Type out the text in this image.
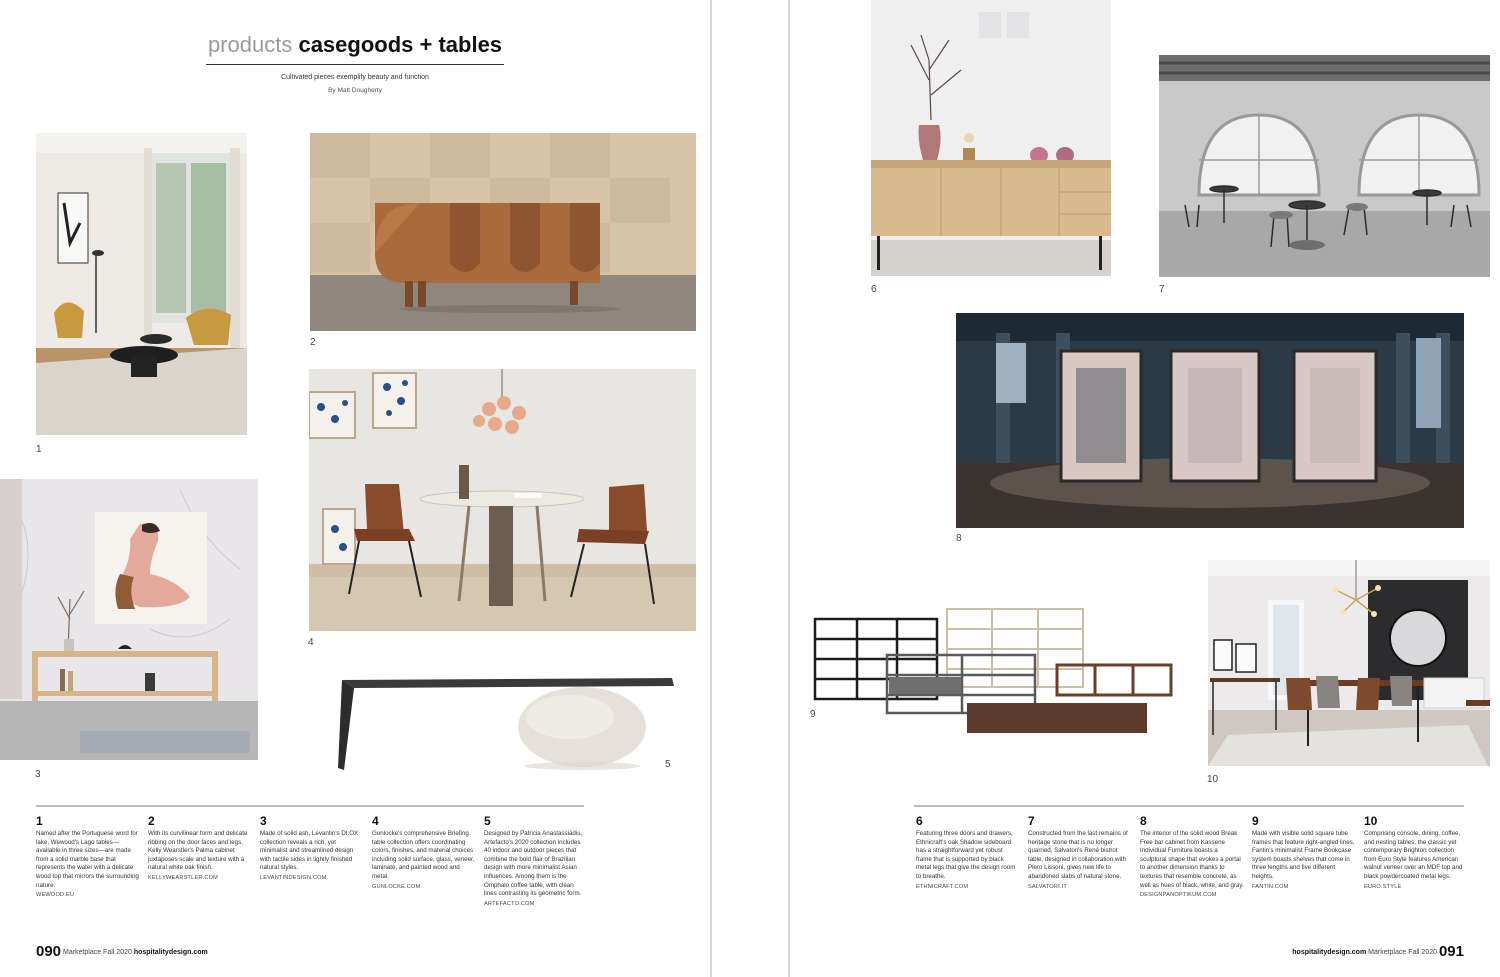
products casegoods + tables
Cultivated pieces exemplify beauty and function
By Matt Dougherty
1
2
3
4
5
1
Named after the Portuguese word for lake, Wewood's Lago tables—available in three sizes—are made from a solid marble base that represents the water with a delicate wood top that mirrors the surrounding nature.
WEWOOD.EU
2
With its curvilinear form and delicate ribbing on the door faces and legs, Kelly Wearstler's Palma cabinet juxtaposes scale and texture with a natural white oak finish.
KELLYWEARSTLER.COM
3
Made of solid ash, Levantin's DI:OX collection reveals a rich, yet minimalist and streamlined design with tactile sides in lightly finished natural styles.
LEVANTINDESIGN.COM
4
Gunlocke's comprehensive Briefing table collection offers coordinating colors, finishes, and material choices including solid surface, glass, veneer, laminate, and painted wood and metal.
GUNLOCKE.COM
5
Designed by Patricia Anastassiadis, Artefacto's 2020 collection includes 40 indoor and outdoor pieces that combine the bold flair of Brazilian design with more minimalist Asian influences. Among them is the Omphalo coffee table, with clean lines contrasting its geometric form.
ARTEFACTO.COM
090 Marketplace Fall 2020 hospitalitydesign.com
6	7
8
9
10
6
Featuring three doors and drawers, Ethnicraft's oak Shadow sideboard has a straightforward yet robust frame that is supported by black metal legs that give the design room to breathe.
ETHNICRAFT.COM
7
Constructed from the last remains of heritage stone that is no longer quarried, Salvatori's René bistrot table, designed in collaboration with Piero Lissoni, gives new life to abandoned slabs of natural stone.
SALVATORI.IT
8
The interior of the solid wood Break Free bar cabinet from Kassene Individual Furniture boasts a sculptural shape that evokes a portal to another dimension thanks to textures that resemble concrete, as well as hues of black, white, and gray.
DESIGNPANOPTIKUM.COM
9
Made with visible solid square tube frames that feature right-angled lines, Fantin's minimalist Frame Bookcase system boasts shelves that come in three lengths and five different heights.
FANTIN.COM
10
Comprising console, dining, coffee, and nesting tables, the classic yet contemporary Brighton collection from Euro Style features American walnut veneer over an MDF top and black powdercoated metal legs.
EURO.STYLE
hospitalitydesign.com Marketplace Fall 2020 091
